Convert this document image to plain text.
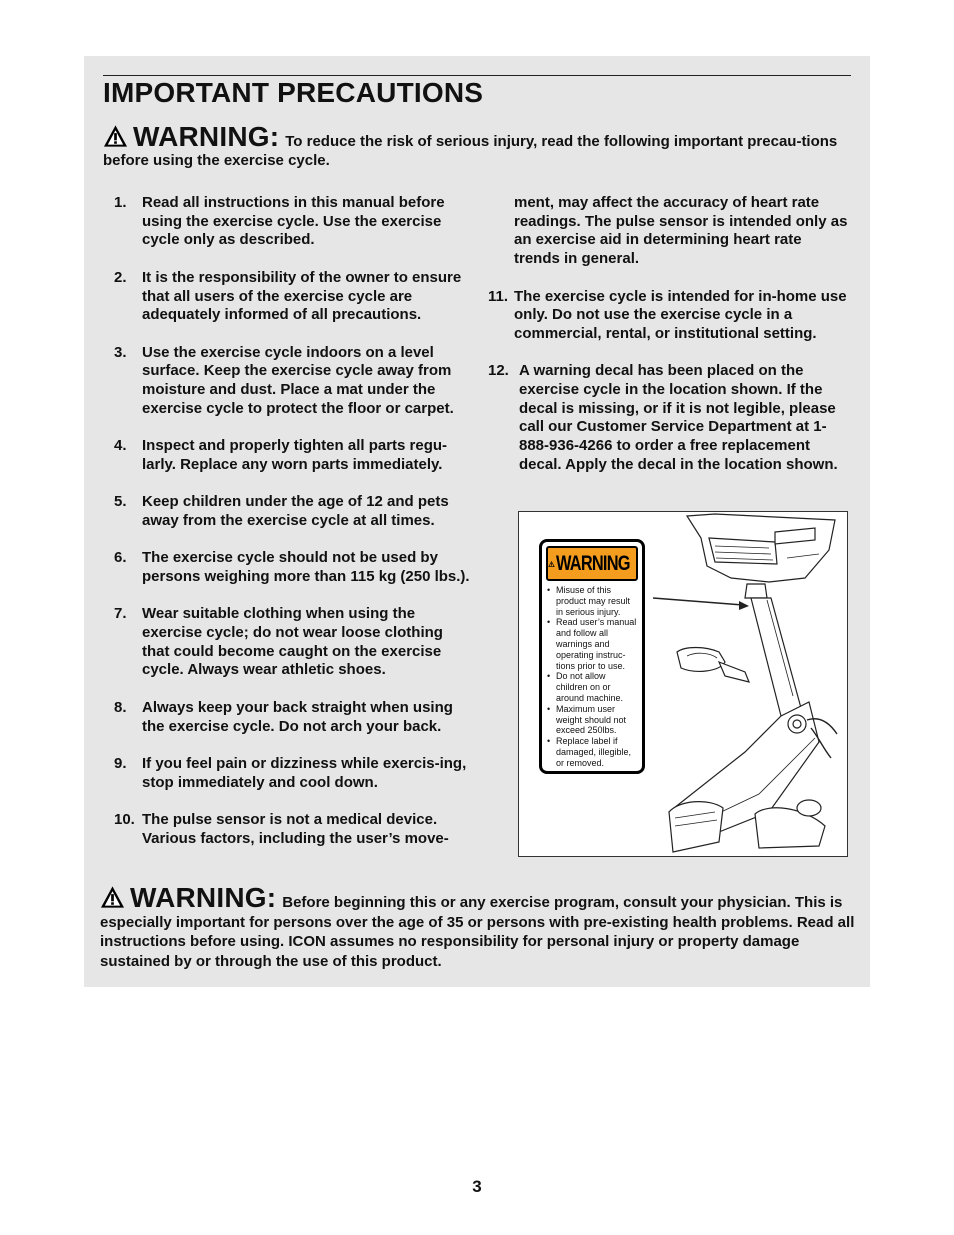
IMPORTANT PRECAUTIONS
WARNING: To reduce the risk of serious injury, read the following important precau-tions before using the exercise cycle.
1. Read all instructions in this manual before using the exercise cycle. Use the exercise cycle only as described.
2. It is the responsibility of the owner to ensure that all users of the exercise cycle are adequately informed of all precautions.
3. Use the exercise cycle indoors on a level surface. Keep the exercise cycle away from moisture and dust. Place a mat under the exercise cycle to protect the floor or carpet.
4. Inspect and properly tighten all parts regu-larly. Replace any worn parts immediately.
5. Keep children under the age of 12 and pets away from the exercise cycle at all times.
6. The exercise cycle should not be used by persons weighing more than 115 kg (250 lbs.).
7. Wear suitable clothing when using the exercise cycle; do not wear loose clothing that could become caught on the exercise cycle. Always wear athletic shoes.
8. Always keep your back straight when using the exercise cycle. Do not arch your back.
9. If you feel pain or dizziness while exercis-ing, stop immediately and cool down.
10. The pulse sensor is not a medical device. Various factors, including the user’s move-
ment, may affect the accuracy of heart rate readings. The pulse sensor is intended only as an exercise aid in determining heart rate trends in general.
11. The exercise cycle is intended for in-home use only. Do not use the exercise cycle in a commercial, rental, or institutional setting.
12. A warning decal has been placed on the exercise cycle in the location shown. If the decal is missing, or if it is not legible, please call our Customer Service Department at 1-888-936-4266 to order a free replacement decal. Apply the decal in the location shown.
WARNING
• Misuse of this product may result in serious injury.
• Read user’s manual and follow all warnings and operating instruc-tions prior to use.
• Do not allow children on or around machine.
• Maximum user weight should not exceed 250lbs.
• Replace label if damaged, illegible, or removed.
WARNING: Before beginning this or any exercise program, consult your physician. This is especially important for persons over the age of 35 or persons with pre-existing health problems. Read all instructions before using. ICON assumes no responsibility for personal injury or property damage sustained by or through the use of this product.
3
